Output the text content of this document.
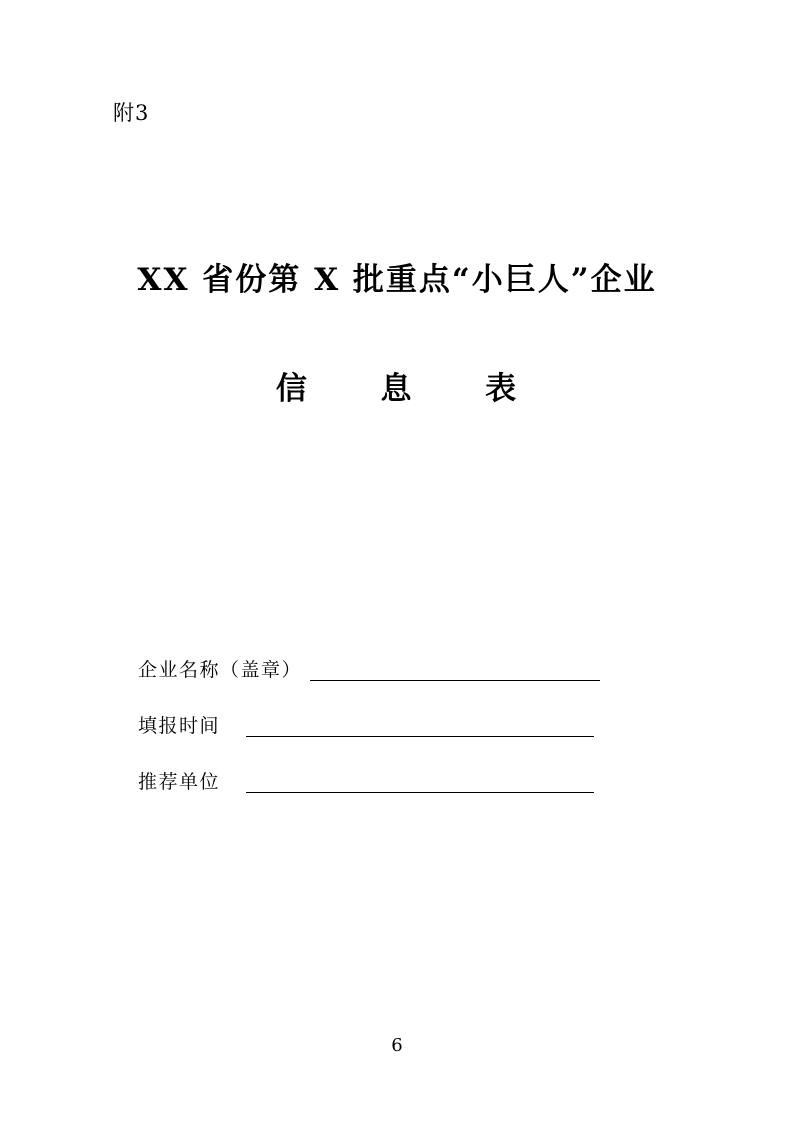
附3
XX 省份第 X 批重点“小巨人”企业
信 息 表
企业名称（盖章）
填报时间
推荐单位
6
